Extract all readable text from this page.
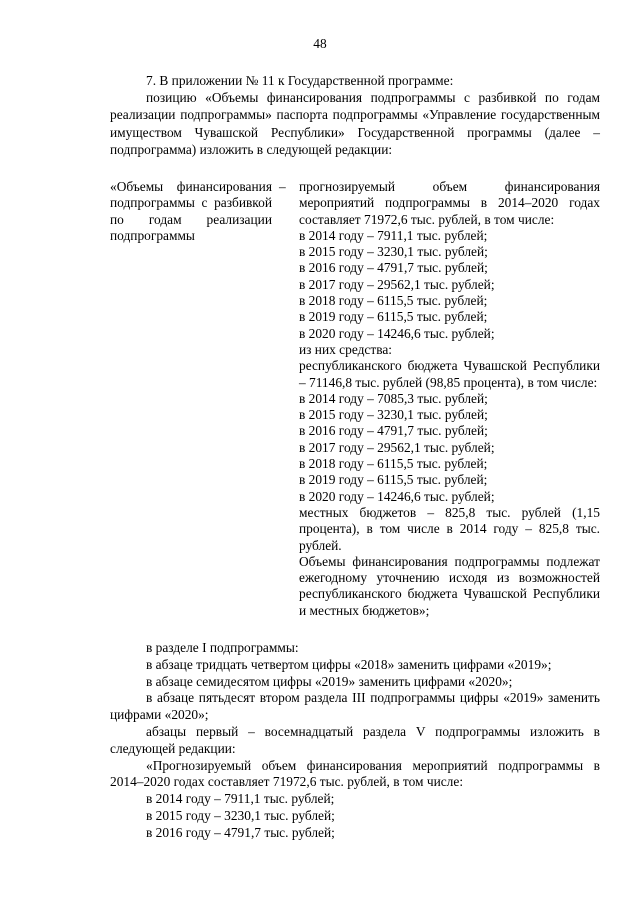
48

7. В приложении № 11 к Государственной программе:

позицию «Объемы финансирования подпрограммы с разбивкой по годам реализации подпрограммы» паспорта подпрограммы «Управление государственным имуществом Чувашской Республики» Государственной программы (далее – подпрограмма) изложить в следующей редакции:

«Объемы финансирования подпрограммы с разбивкой по годам реализации подпрограммы
– прогнозируемый объем финансирования мероприятий подпрограммы в 2014–2020 годах составляет 71972,6 тыс. рублей, в том числе:
в 2014 году – 7911,1 тыс. рублей;
в 2015 году – 3230,1 тыс. рублей;
в 2016 году – 4791,7 тыс. рублей;
в 2017 году – 29562,1 тыс. рублей;
в 2018 году – 6115,5 тыс. рублей;
в 2019 году – 6115,5 тыс. рублей;
в 2020 году – 14246,6 тыс. рублей;
из них средства:
республиканского бюджета Чувашской Республики – 71146,8 тыс. рублей (98,85 процента), в том числе:
в 2014 году – 7085,3 тыс. рублей;
в 2015 году – 3230,1 тыс. рублей;
в 2016 году – 4791,7 тыс. рублей;
в 2017 году – 29562,1 тыс. рублей;
в 2018 году – 6115,5 тыс. рублей;
в 2019 году – 6115,5 тыс. рублей;
в 2020 году – 14246,6 тыс. рублей;
местных бюджетов – 825,8 тыс. рублей (1,15 процента), в том числе в 2014 году – 825,8 тыс. рублей.
Объемы финансирования подпрограммы подлежат ежегодному уточнению исходя из возможностей республиканского бюджета Чувашской Республики и местных бюджетов»;

в разделе I подпрограммы:

в абзаце тридцать четвертом цифры «2018» заменить цифрами «2019»;

в абзаце семидесятом цифры «2019» заменить цифрами «2020»;

в абзаце пятьдесят втором раздела III подпрограммы цифры «2019» заменить цифрами «2020»;

абзацы первый – восемнадцатый раздела V подпрограммы изложить в следующей редакции:

«Прогнозируемый объем финансирования мероприятий подпрограммы в 2014–2020 годах составляет 71972,6 тыс. рублей, в том числе:

в 2014 году – 7911,1 тыс. рублей;

в 2015 году – 3230,1 тыс. рублей;

в 2016 году – 4791,7 тыс. рублей;
